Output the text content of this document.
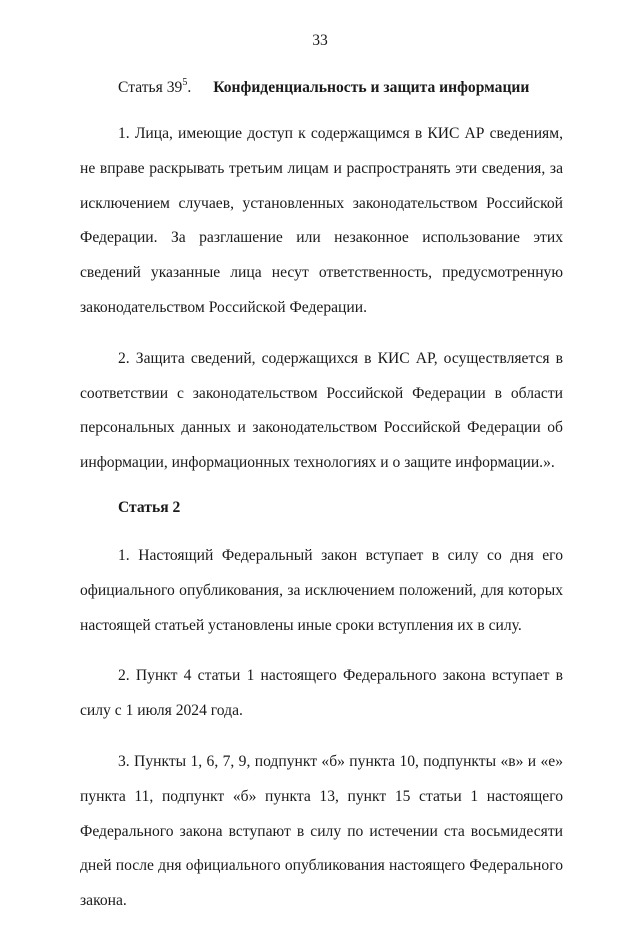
33
Статья $39^5$. Конфиденциальность и защита информации

1. Лица, имеющие доступ к содержащимся в КИС АР сведениям, не вправе раскрывать третьим лицам и распространять эти сведения, за исключением случаев, установленных законодательством Российской Федерации. За разглашение или незаконное использование этих сведений указанные лица несут ответственность, предусмотренную законодательством Российской Федерации.

2. Защита сведений, содержащихся в КИС АР, осуществляется в соответствии с законодательством Российской Федерации в области персональных данных и законодательством Российской Федерации об информации, информационных технологиях и о защите информации.».

Статья 2

1. Настоящий Федеральный закон вступает в силу со дня его официального опубликования, за исключением положений, для которых настоящей статьей установлены иные сроки вступления их в силу.

2. Пункт 4 статьи 1 настоящего Федерального закона вступает в силу с 1 июля 2024 года.

3. Пункты 1, 6, 7, 9, подпункт «б» пункта 10, подпункты «в» и «е» пункта 11, подпункт «б» пункта 13, пункт 15 статьи 1 настоящего Федерального закона вступают в силу по истечении ста восьмидесяти дней после дня официального опубликования настоящего Федерального закона.
